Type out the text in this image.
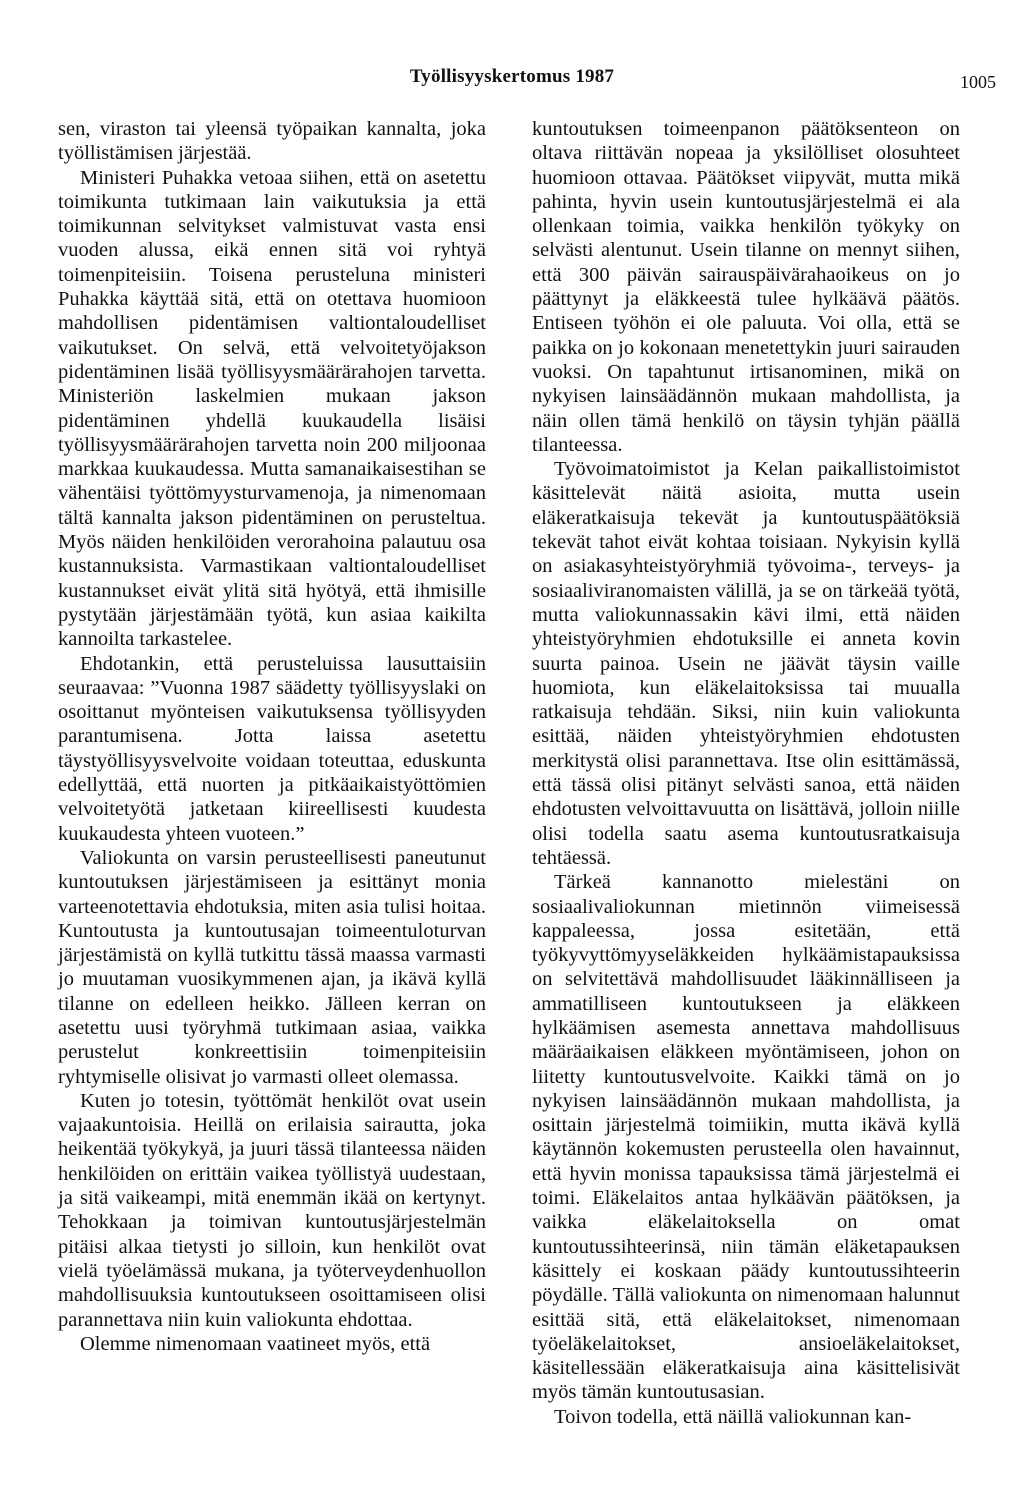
Työllisyyskertomus 1987	1005

sen, viraston tai yleensä työpaikan kannalta, joka työllistämisen järjestää.

Ministeri Puhakka vetoaa siihen, että on asetettu toimikunta tutkimaan lain vaikutuksia ja että toimikunnan selvitykset valmistuvat vasta ensi vuoden alussa, eikä ennen sitä voi ryhtyä toimenpiteisiin. Toisena perusteluna ministeri Puhakka käyttää sitä, että on otettava huomioon mahdollisen pidentämisen valtiontaloudelliset vaikutukset. On selvä, että velvoitetyöjakson pidentäminen lisää työllisyysmäärärahojen tarvetta. Ministeriön laskelmien mukaan jakson pidentäminen yhdellä kuukaudella lisäisi työllisyysmäärärahojen tarvetta noin 200 miljoonaa markkaa kuukaudessa. Mutta samanaikaisestihan se vähentäisi työttömyysturvamenoja, ja nimenomaan tältä kannalta jakson pidentäminen on perusteltua. Myös näiden henkilöiden verorahoina palautuu osa kustannuksista. Varmastikaan valtiontaloudelliset kustannukset eivät ylitä sitä hyötyä, että ihmisille pystytään järjestämään työtä, kun asiaa kaikilta kannoilta tarkastelee.

Ehdotankin, että perusteluissa lausuttaisiin seuraavaa: ”Vuonna 1987 säädetty työllisyyslaki on osoittanut myönteisen vaikutuksensa työllisyyden parantumisena. Jotta laissa asetettu täystyöllisyysvelvoite voidaan toteuttaa, eduskunta edellyttää, että nuorten ja pitkäaikaistyöttömien velvoitetyötä jatketaan kiireellisesti kuudesta kuukaudesta yhteen vuoteen.”

Valiokunta on varsin perusteellisesti paneutunut kuntoutuksen järjestämiseen ja esittänyt monia varteenotettavia ehdotuksia, miten asia tulisi hoitaa. Kuntoutusta ja kuntoutusajan toimeentuloturvan järjestämistä on kyllä tutkittu tässä maassa varmasti jo muutaman vuosikymmenen ajan, ja ikävä kyllä tilanne on edelleen heikko. Jälleen kerran on asetettu uusi työryhmä tutkimaan asiaa, vaikka perustelut konkreettisiin toimenpiteisiin ryhtymiselle olisivat jo varmasti olleet olemassa.

Kuten jo totesin, työttömät henkilöt ovat usein vajaakuntoisia. Heillä on erilaisia sairautta, joka heikentää työkykyä, ja juuri tässä tilanteessa näiden henkilöiden on erittäin vaikea työllistyä uudestaan, ja sitä vaikeampi, mitä enemmän ikää on kertynyt. Tehokkaan ja toimivan kuntoutusjärjestelmän pitäisi alkaa tietysti jo silloin, kun henkilöt ovat vielä työelämässä mukana, ja työterveydenhuollon mahdollisuuksia kuntoutukseen osoittamiseen olisi parannettava niin kuin valiokunta ehdottaa.

Olemme nimenomaan vaatineet myös, että

kuntoutuksen toimeenpanon päätöksenteon on oltava riittävän nopeaa ja yksilölliset olosuhteet huomioon ottavaa. Päätökset viipyvät, mutta mikä pahinta, hyvin usein kuntoutusjärjestelmä ei ala ollenkaan toimia, vaikka henkilön työkyky on selvästi alentunut. Usein tilanne on mennyt siihen, että 300 päivän sairauspäivärahaoikeus on jo päättynyt ja eläkkeestä tulee hylkäävä päätös. Entiseen työhön ei ole paluuta. Voi olla, että se paikka on jo kokonaan menetettykin juuri sairauden vuoksi. On tapahtunut irtisanominen, mikä on nykyisen lainsäädännön mukaan mahdollista, ja näin ollen tämä henkilö on täysin tyhjän päällä tilanteessa.

Työvoimatoimistot ja Kelan paikallistoimistot käsittelevät näitä asioita, mutta usein eläkeratkaisuja tekevät ja kuntoutuspäätöksiä tekevät tahot eivät kohtaa toisiaan. Nykyisin kyllä on asiakasyhteistyöryhmiä työvoima-, terveys- ja sosiaaliviranomaisten välillä, ja se on tärkeää työtä, mutta valiokunnassakin kävi ilmi, että näiden yhteistyöryhmien ehdotuksille ei anneta kovin suurta painoa. Usein ne jäävät täysin vaille huomiota, kun eläkelaitoksissa tai muualla ratkaisuja tehdään. Siksi, niin kuin valiokunta esittää, näiden yhteistyöryhmien ehdotusten merkitystä olisi parannettava. Itse olin esittämässä, että tässä olisi pitänyt selvästi sanoa, että näiden ehdotusten velvoittavuutta on lisättävä, jolloin niille olisi todella saatu asema kuntoutusratkaisuja tehtäessä.

Tärkeä kannanotto mielestäni on sosiaalivaliokunnan mietinnön viimeisessä kappaleessa, jossa esitetään, että työkyvyttömyyseläkkeiden hylkäämistapauksissa on selvitettävä mahdollisuudet lääkinnälliseen ja ammatilliseen kuntoutukseen ja eläkkeen hylkäämisen asemesta annettava mahdollisuus määräaikaisen eläkkeen myöntämiseen, johon on liitetty kuntoutusvelvoite. Kaikki tämä on jo nykyisen lainsäädännön mukaan mahdollista, ja osittain järjestelmä toimiikin, mutta ikävä kyllä käytännön kokemusten perusteella olen havainnut, että hyvin monissa tapauksissa tämä järjestelmä ei toimi. Eläkelaitos antaa hylkäävän päätöksen, ja vaikka eläkelaitoksella on omat kuntoutussihteerinsä, niin tämän eläketapauksen käsittely ei koskaan päädy kuntoutussihteerin pöydälle. Tällä valiokunta on nimenomaan halunnut esittää sitä, että eläkelaitokset, nimenomaan työeläkelaitokset, ansioeläkelaitokset, käsitellessään eläkeratkaisuja aina käsittelisivät myös tämän kuntoutusasian.

Toivon todella, että näillä valiokunnan kan-
